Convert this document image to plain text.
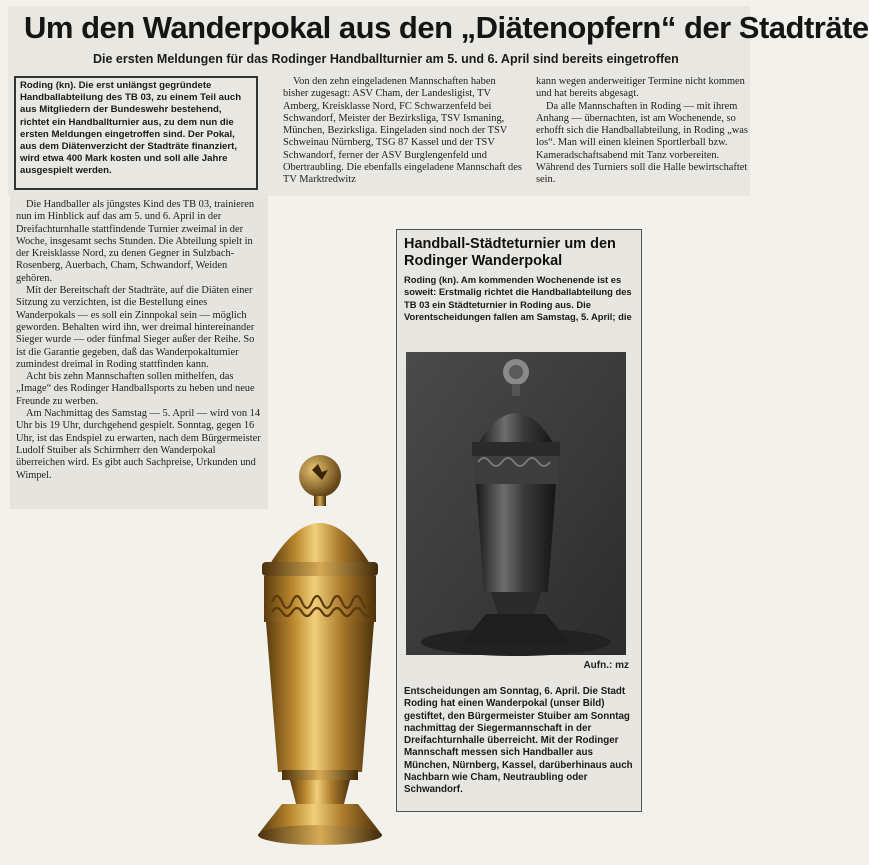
Um den Wanderpokal aus den „Diätenopfern“ der Stadträte
Die ersten Meldungen für das Rodinger Handballturnier am 5. und 6. April sind bereits eingetroffen
Roding (kn). Die erst unlängst gegründete Handballabteilung des TB 03, zu einem Teil auch aus Mitgliedern der Bundeswehr bestehend, richtet ein Handballturnier aus, zu dem nun die ersten Meldungen eingetroffen sind. Der Pokal, aus dem Diätenverzicht der Stadträte finanziert, wird etwa 400 Mark kosten und soll alle Jahre ausgespielt werden.

Von den zehn eingeladenen Mannschaften haben bisher zugesagt: ASV Cham, der Landesligist, TV Amberg, Kreisklasse Nord, FC Schwarzenfeld bei Schwandorf, Meister der Bezirksliga, TSV Ismaning, München, Bezirksliga. Eingeladen sind noch der TSV Schweinau Nürnberg, TSG 87 Kassel und der TSV Schwandorf, ferner der ASV Burglengenfeld und Obertraubling. Die ebenfalls eingeladene Mannschaft des TV Marktredwitz

kann wegen anderweitiger Termine nicht kommen und hat bereits abgesagt.

Da alle Mannschaften in Roding — mit ihrem Anhang — übernachten, ist am Wochenende, so erhofft sich die Handballabteilung, in Roding „was los“. Man will einen kleinen Sportlerball bzw. Kameradschaftsabend mit Tanz vorbereiten. Während des Turniers soll die Halle bewirtschaftet sein.

Die Handballer als jüngstes Kind des TB 03, trainieren nun im Hinblick auf das am 5. und 6. April in der Dreifachturnhalle stattfindende Turnier zweimal in der Woche, insgesamt sechs Stunden. Die Abteilung spielt in der Kreisklasse Nord, zu denen Gegner in Sulzbach-Rosenberg, Auerbach, Cham, Schwandorf, Weiden gehören.

Mit der Bereitschaft der Stadträte, auf die Diäten einer Sitzung zu verzichten, ist die Bestellung eines Wanderpokals — es soll ein Zinnpokal sein — möglich geworden. Behalten wird ihn, wer dreimal hintereinander Sieger wurde — oder fünfmal Sieger außer der Reihe. So ist die Garantie gegeben, daß das Wanderpokalturnier zumindest dreimal in Roding stattfinden kann.

Acht bis zehn Mannschaften sollen mithelfen, das „Image“ des Rodinger Handballsports zu heben und neue Freunde zu werben.

Am Nachmittag des Samstag — 5. April — wird von 14 Uhr bis 19 Uhr, durchgehend gespielt. Sonntag, gegen 16 Uhr, ist das Endspiel zu erwarten, nach dem Bürgermeister Ludolf Stuiber als Schirmherr den Wanderpokal überreichen wird. Es gibt auch Sachpreise, Urkunden und Wimpel.

Handball-Städteturnier um den Rodinger Wanderpokal
Roding (kn). Am kommenden Wochenende ist es soweit: Erstmalig richtet die Handballabteilung des TB 03 ein Städteturnier in Roding aus. Die Vorentscheidungen fallen am Samstag, 5. April; die
Aufn.: mz
Entscheidungen am Sonntag, 6. April. Die Stadt Roding hat einen Wanderpokal (unser Bild) gestiftet, den Bürgermeister Stuiber am Sonntag nachmittag der Siegermannschaft in der Dreifachturnhalle überreicht. Mit der Rodinger Mannschaft messen sich Handballer aus München, Nürnberg, Kassel, darüberhinaus auch Nachbarn wie Cham, Neutraubling oder Schwandorf.
